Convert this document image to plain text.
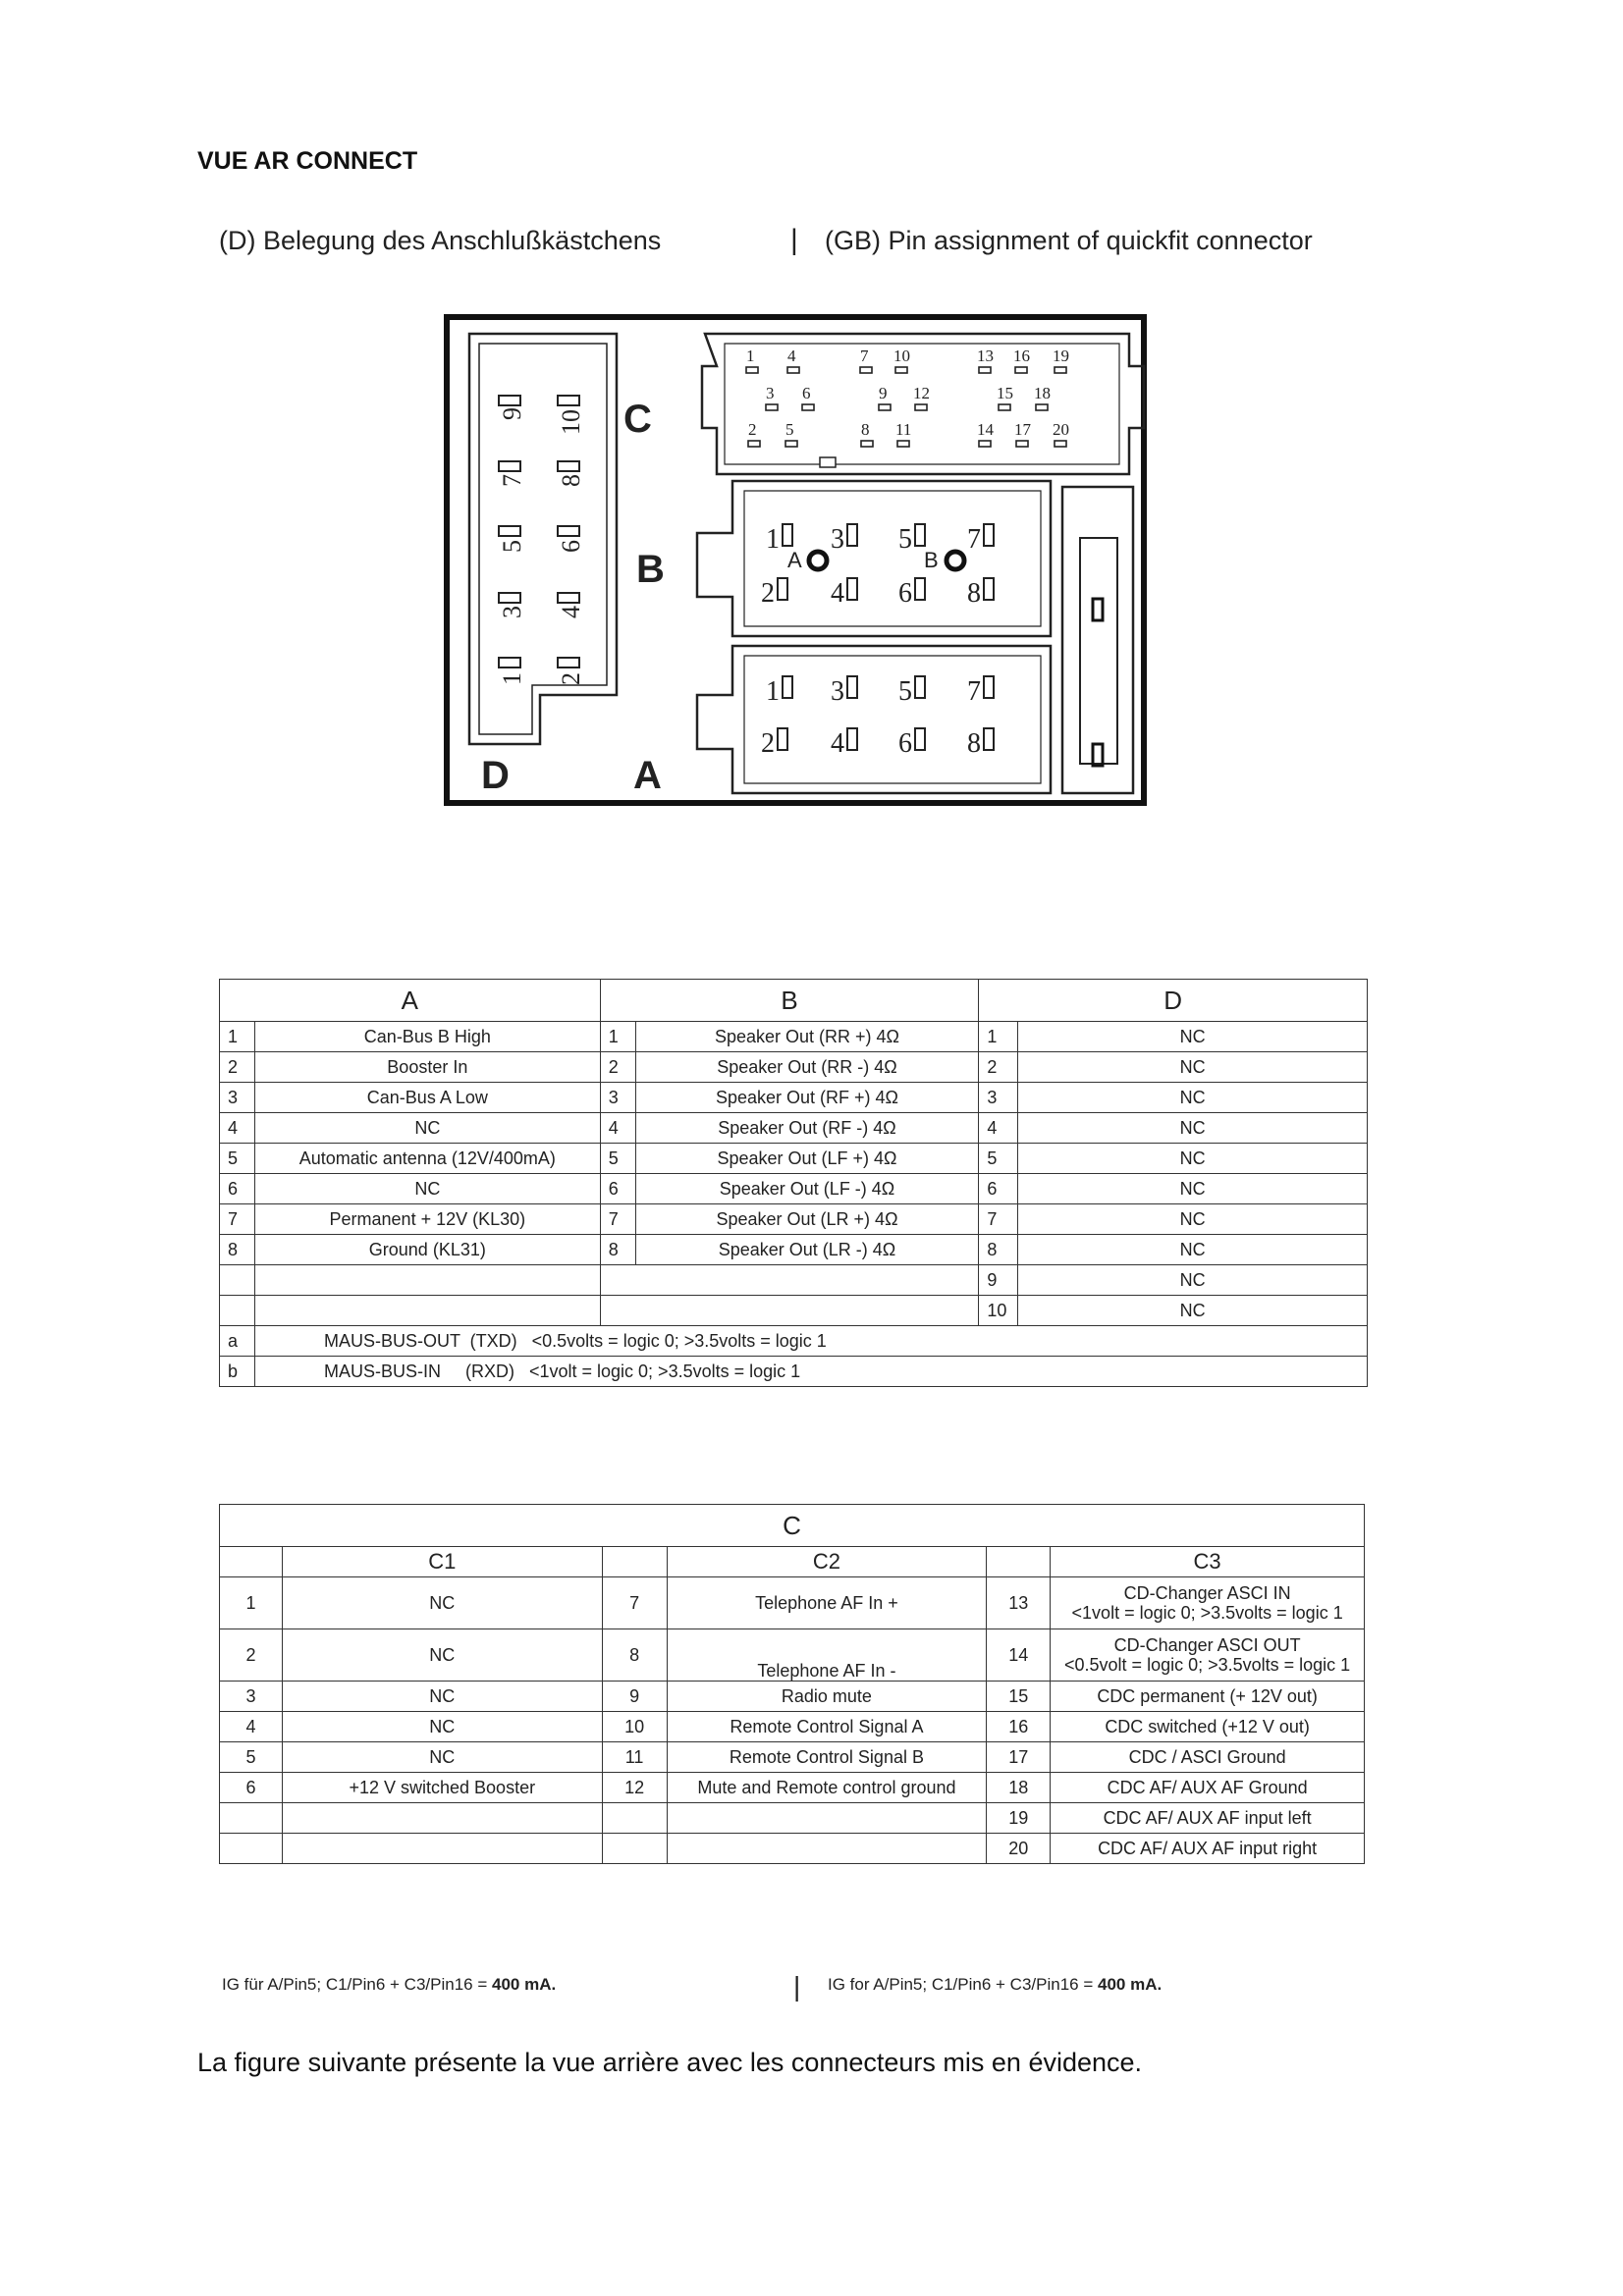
VUE AR CONNECT
(D) Belegung des Anschlußkästchens	| (GB) Pin assignment of quickfit connector
C
B
A
D
1 3 5 7
2 4 6 8
A	B
1 3 5 7
2 4 6 8
1 4	7 10	13 16 19
3 6	9 12	15 18
2 5	8 11	14 17 20
9 10
7 8
5 6
3 4
1 2
A		B		D	
1	Can-Bus B High	1	Speaker Out (RR +) 4Ω	1	NC
2	Booster In	2	Speaker Out (RR -) 4Ω	2	NC
3	Can-Bus A Low	3	Speaker Out (RF +) 4Ω	3	NC
4	NC	4	Speaker Out (RF -) 4Ω	4	NC
5	Automatic antenna (12V/400mA)	5	Speaker Out (LF +) 4Ω	5	NC
6	NC	6	Speaker Out (LF -) 4Ω	6	NC
7	Permanent + 12V (KL30)	7	Speaker Out (LR +) 4Ω	7	NC
8	Ground (KL31)	8	Speaker Out (LR -) 4Ω	8	NC
				9	NC
				10	NC
a	MAUS-BUS-OUT  (TXD)   <0.5volts = logic 0; >3.5volts = logic 1				
b	MAUS-BUS-IN     (RXD)   <1volt = logic 0; >3.5volts = logic 1				
C					
	C1		C2		C3
1	NC	7	Telephone AF In +	13	CD-Changer ASCI IN
<1volt = logic 0; >3.5volts = logic 1

2	NC	8	Telephone AF In -	14	CD-Changer ASCI OUT
<0.5volt = logic 0; >3.5volts = logic 1

3	NC	9	Radio mute	15	CDC permanent (+ 12V out)
4	NC	10	Remote Control Signal A	16	CDC switched (+12 V out)
5	NC	11	Remote Control Signal B	17	CDC / ASCI Ground
6	+12 V switched Booster	12	Mute and Remote control ground	18	CDC AF/ AUX AF Ground
				19	CDC AF/ AUX AF input left
				20	CDC AF/ AUX AF input right
IG für A/Pin5; C1/Pin6 + C3/Pin16 = 400 mA.	| IG for A/Pin5; C1/Pin6 + C3/Pin16 = 400 mA.
La figure suivante présente la vue arrière avec les connecteurs mis en évidence.
